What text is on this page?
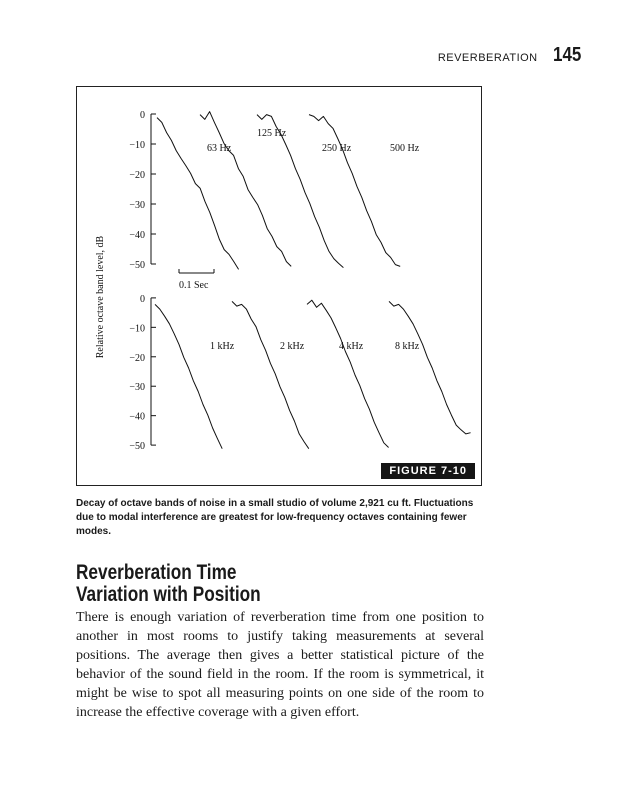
REVERBERATION 145
Relative octave band level, dB	0.1 Sec
0
−10
−20
−30
−40
−50
63 Hz
125 Hz
250 Hz	500 Hz
0
−10
−20
−30
−40
−50
1 kHz	2 kHz	4 kHz	8 kHz
FIGURE 7-10
Decay of octave bands of noise in a small studio of volume 2,921 cu ft. Fluctuations due to modal interference are greatest for low-frequency octaves containing fewer modes.
Reverberation Time
Variation with Position

There is enough variation of reverberation time from one position to another in most rooms to justify taking measurements at several positions. The average then gives a better statistical picture of the behavior of the sound field in the room. If the room is symmetrical, it might be wise to spot all measuring points on one side of the room to increase the effective coverage with a given effort.
